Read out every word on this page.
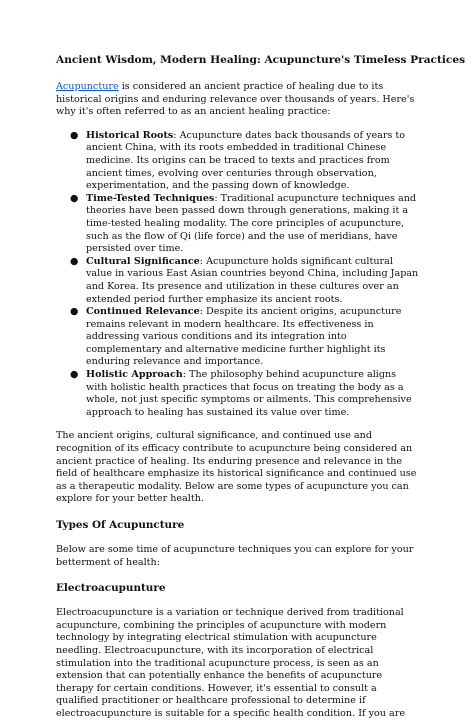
Ancient Wisdom, Modern Healing: Acupuncture's Timeless Practices

Acupuncture is considered an ancient practice of healing due to its historical origins and enduring relevance over thousands of years. Here's why it's often referred to as an ancient healing practice:

● Historical Roots: Acupuncture dates back thousands of years to ancient China, with its roots embedded in traditional Chinese medicine. Its origins can be traced to texts and practices from ancient times, evolving over centuries through observation, experimentation, and the passing down of knowledge.
● Time-Tested Techniques: Traditional acupuncture techniques and theories have been passed down through generations, making it a time-tested healing modality. The core principles of acupuncture, such as the flow of Qi (life force) and the use of meridians, have persisted over time.
● Cultural Significance: Acupuncture holds significant cultural value in various East Asian countries beyond China, including Japan and Korea. Its presence and utilization in these cultures over an extended period further emphasize its ancient roots.
● Continued Relevance: Despite its ancient origins, acupuncture remains relevant in modern healthcare. Its effectiveness in addressing various conditions and its integration into complementary and alternative medicine further highlight its enduring relevance and importance.
● Holistic Approach: The philosophy behind acupuncture aligns with holistic health practices that focus on treating the body as a whole, not just specific symptoms or ailments. This comprehensive approach to healing has sustained its value over time.

The ancient origins, cultural significance, and continued use and recognition of its efficacy contribute to acupuncture being considered an ancient practice of healing. Its enduring presence and relevance in the field of healthcare emphasize its historical significance and continued use as a therapeutic modality. Below are some types of acupuncture you can explore for your better health.

Types Of Acupuncture

Below are some time of acupuncture techniques you can explore for your betterment of health:

Electroacupunture

Electroacupuncture is a variation or technique derived from traditional acupuncture, combining the principles of acupuncture with modern technology by integrating electrical stimulation with acupuncture needling. Electroacupuncture, with its incorporation of electrical stimulation into the traditional acupuncture process, is seen as an extension that can potentially enhance the benefits of acupuncture therapy for certain conditions. However, it's essential to consult a qualified practitioner or healthcare professional to determine if electroacupuncture is suitable for a specific health condition. If you are
